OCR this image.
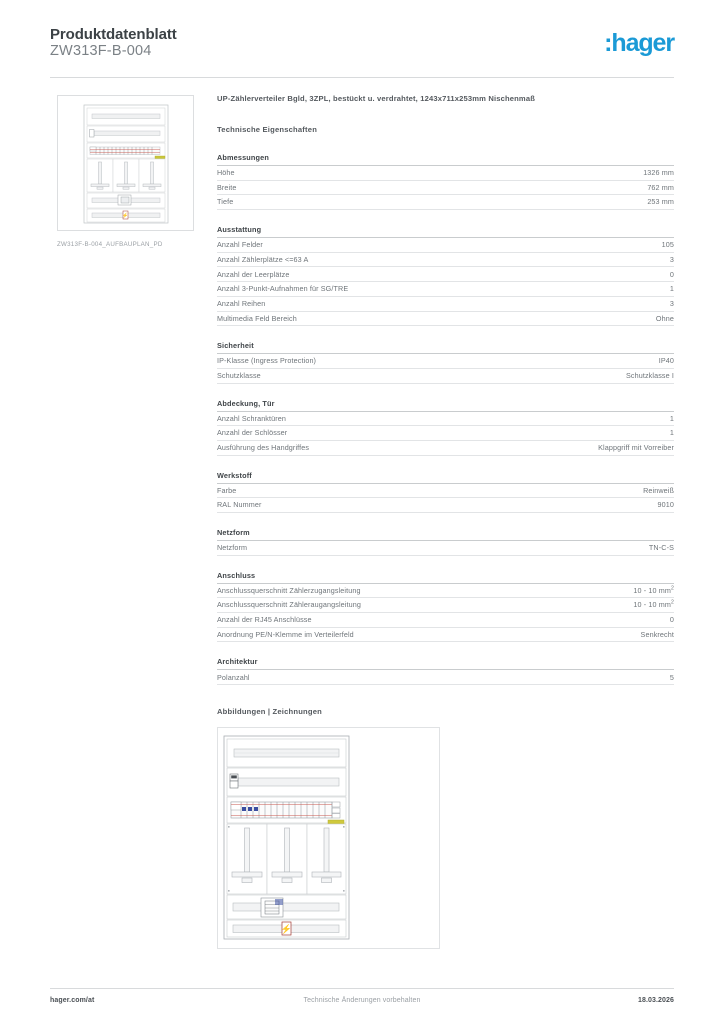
Produktdatenblatt
ZW313F-B-004	:hager
⚡
ZW313F-B-004_AUFBAUPLAN_PD
UP-Zählerverteiler Bgld, 3ZPL, bestückt u. verdrahtet, 1243x711x253mm Nischenmaß
Technische Eigenschaften
Abmessungen
Höhe	1326 mm
Breite	762 mm
Tiefe	253 mm
Ausstattung
Anzahl Felder	105
Anzahl Zählerplätze <=63 A	3
Anzahl der Leerplätze	0
Anzahl 3-Punkt-Aufnahmen für SG/TRE	1
Anzahl Reihen	3
Multimedia Feld Bereich	Ohne
Sicherheit
IP-Klasse (Ingress Protection)	IP40
Schutzklasse	Schutzklasse I
Abdeckung, Tür
Anzahl Schranktüren	1
Anzahl der Schlösser	1
Ausführung des Handgriffes	Klappgriff mit Vorreiber
Werkstoff
Farbe	Reinweiß
RAL Nummer	9010
Netzform
Netzform	TN-C-S
Anschluss
Anschlussquerschnitt Zählerzugangsleitung	10 - 10 $mm^2$
Anschlussquerschnitt Zähleraugangsleitung	10 - 10 $mm^2$
Anzahl der RJ45 Anschlüsse	0
Anordnung PE/N-Klemme im Verteilerfeld	Senkrecht
Architektur
Polanzahl	5
Abbildungen | Zeichnungen
⚡
hager.com/at	Technische Änderungen vorbehalten	18.03.2026
